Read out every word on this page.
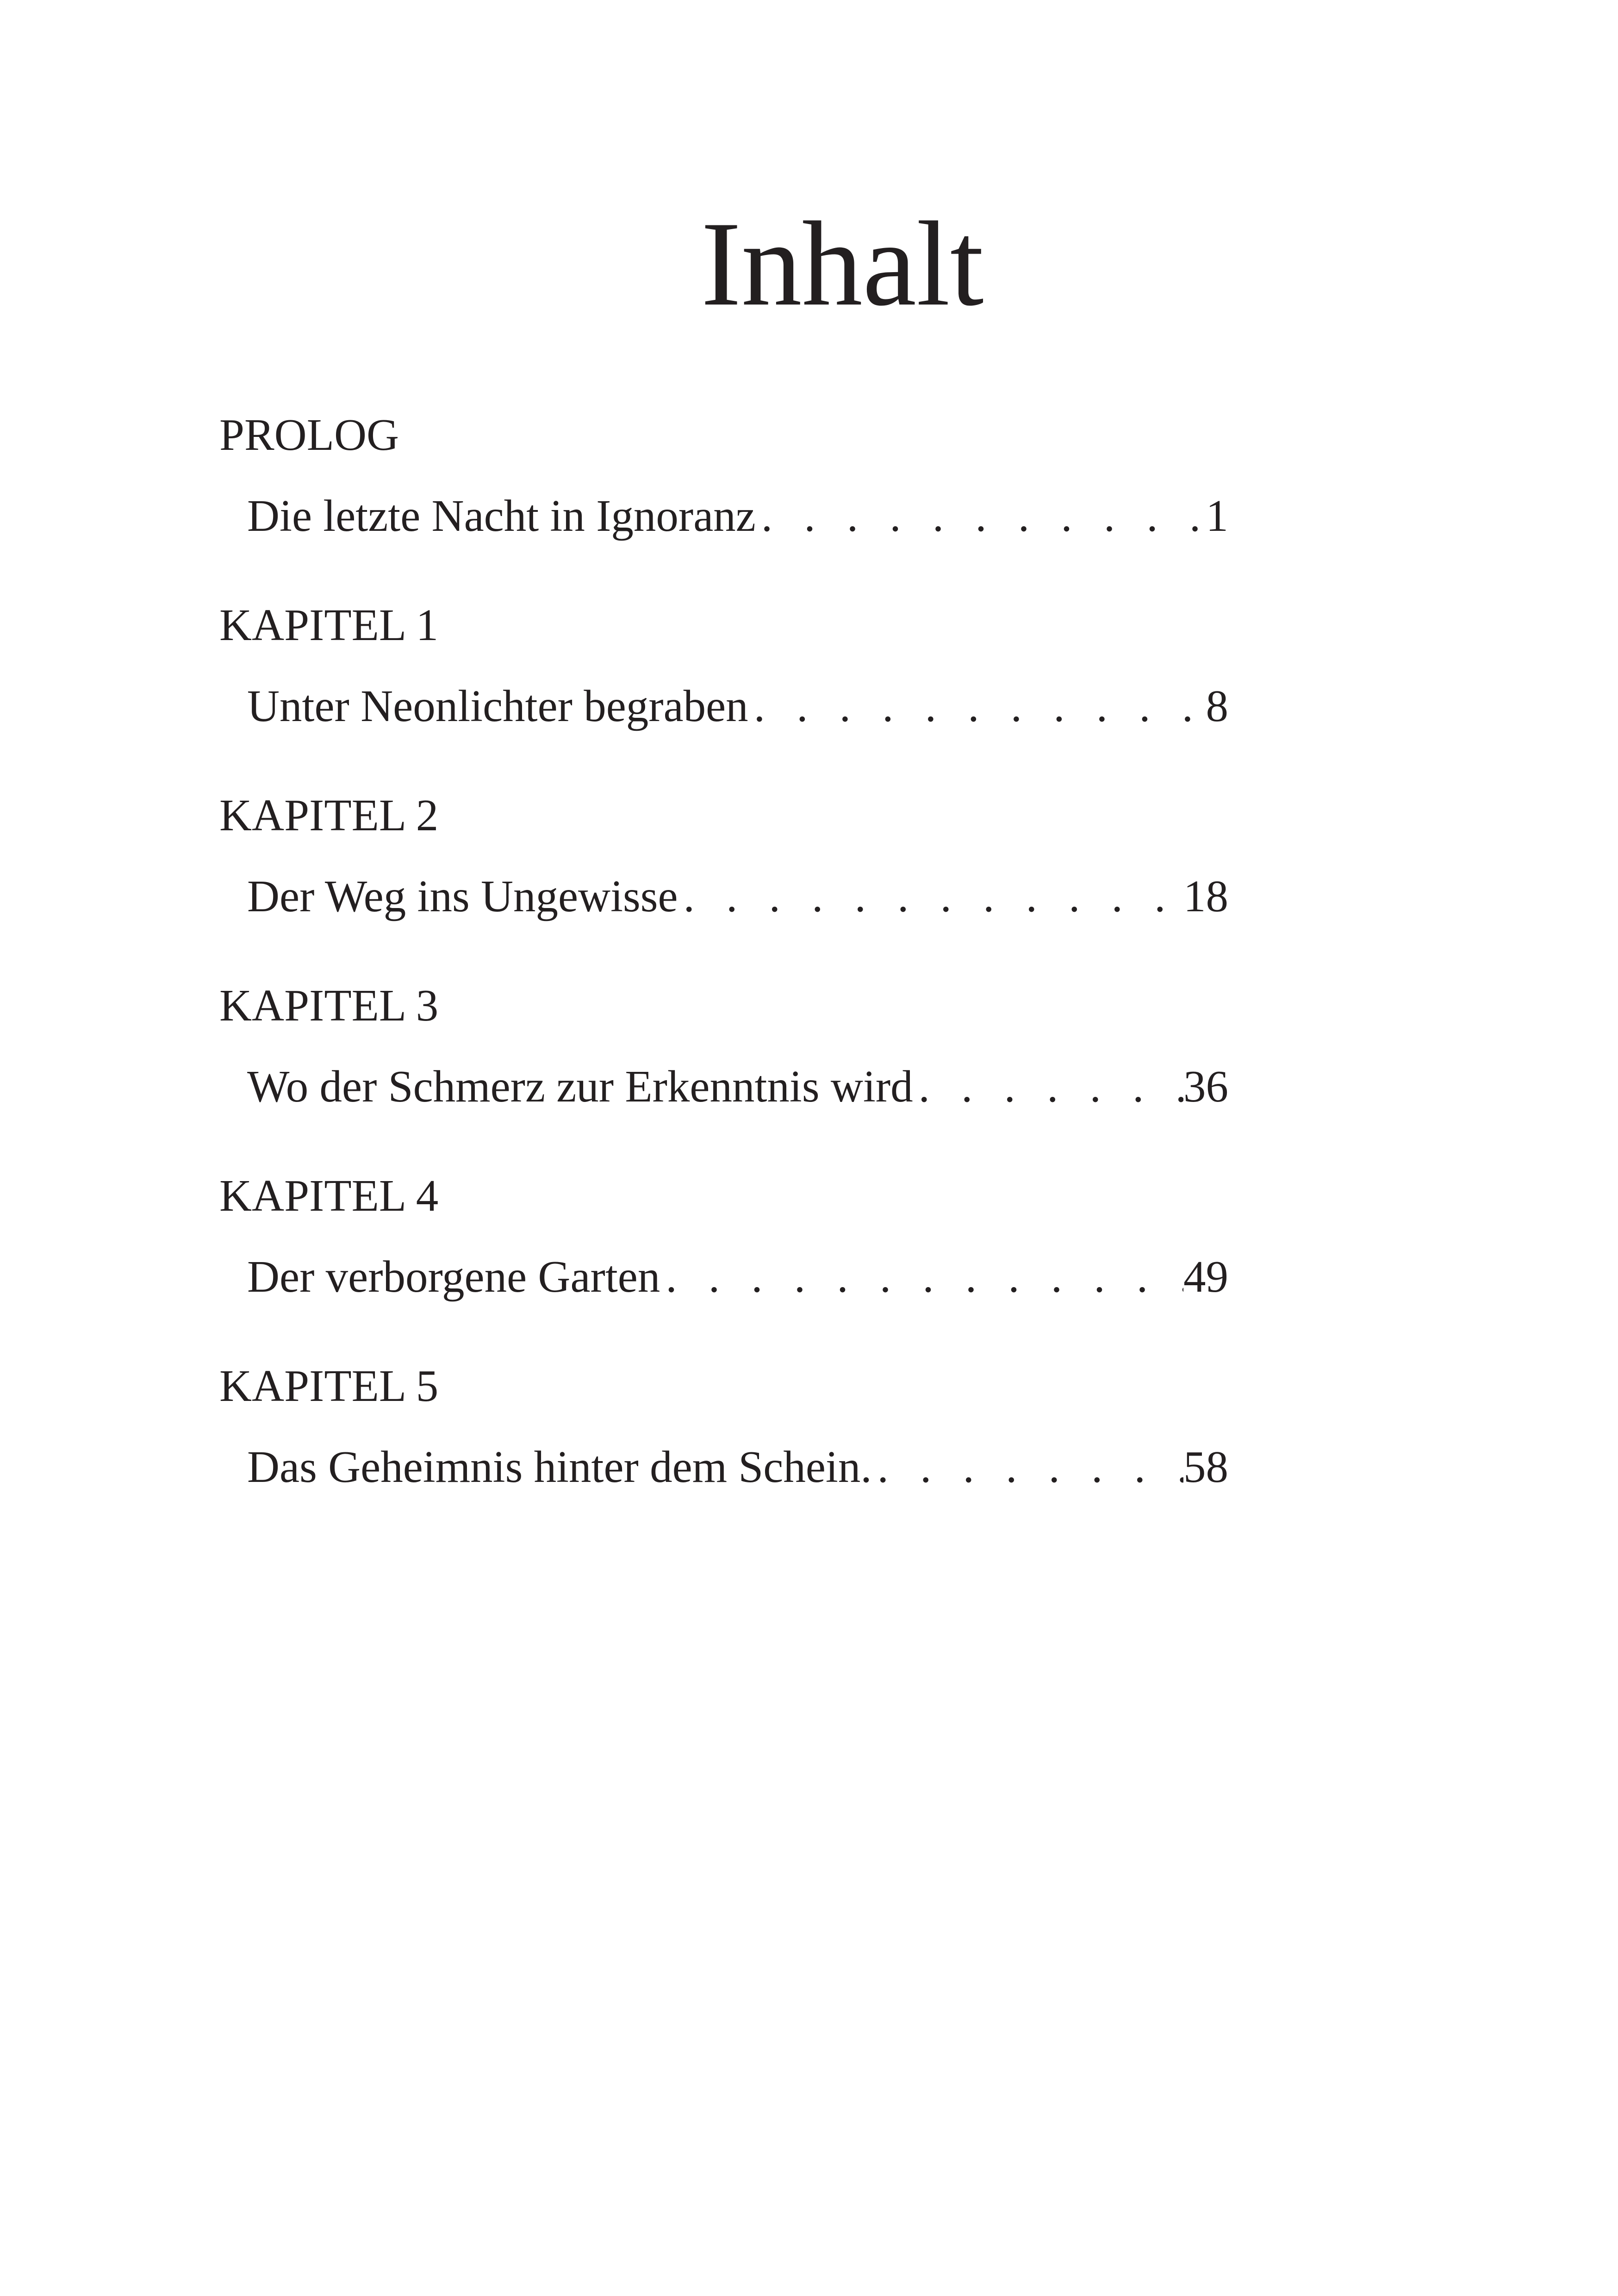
Inhalt
PROLOG
Die letzte Nacht in Ignoranz . . .	1
KAPITEL 1
Unter Neonlichter begraben . . .	8
KAPITEL 2
Der Weg ins Ungewisse . . .	18
KAPITEL 3
Wo der Schmerz zur Erkenntnis wird . . .	36
KAPITEL 4
Der verborgene Garten . . .	49
KAPITEL 5
Das Geheimnis hinter dem Schein. . . .	58
